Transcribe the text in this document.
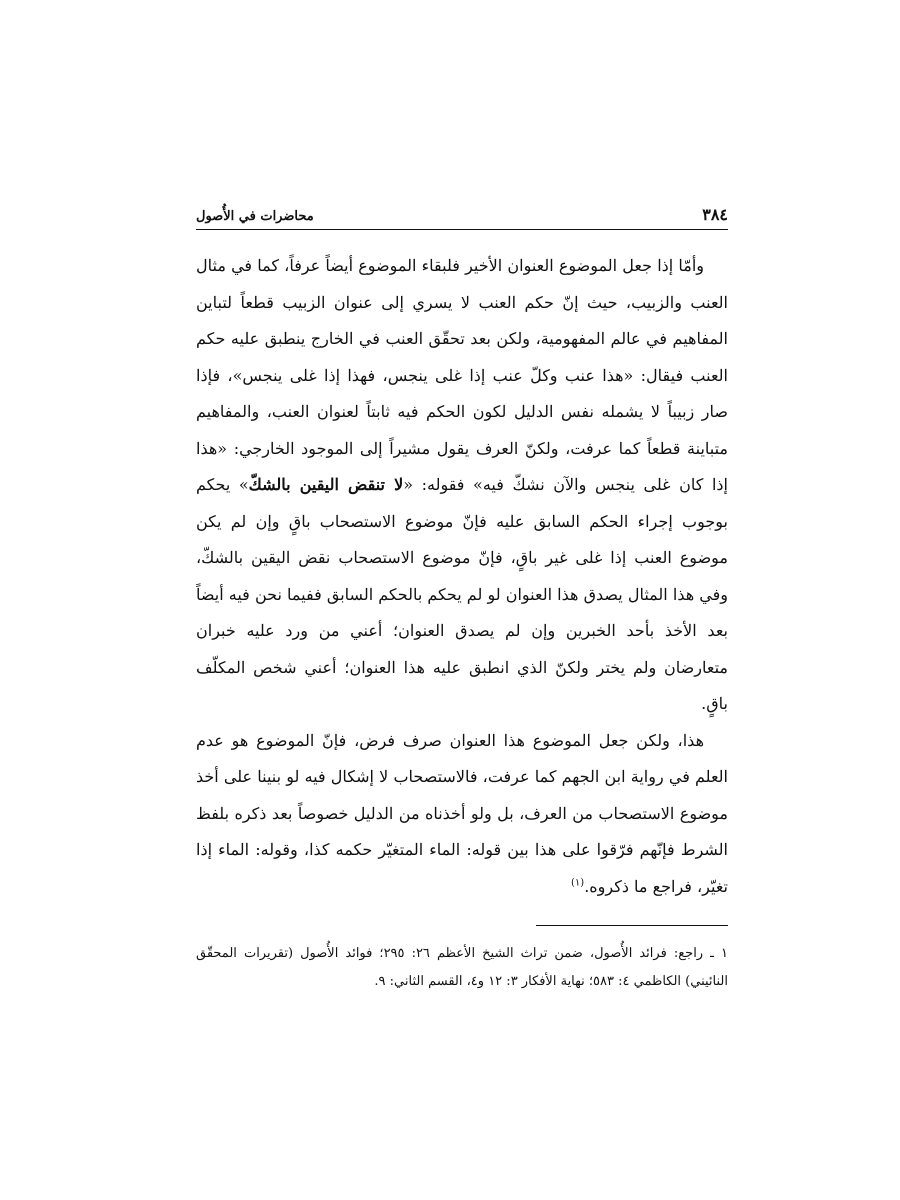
٣٨٤
محاضرات في الأُصول

وأمّا إذا جعل الموضوع العنوان الأخير فلبقاء الموضوع أيضاً عرفاً، كما في مثال العنب والزبيب، حيث إنّ حكم العنب لا يسري إلى عنوان الزبيب قطعاً لتباين المفاهيم في عالم المفهومية، ولكن بعد تحقّق العنب في الخارج ينطبق عليه حكم العنب فيقال: «هذا عنب وكلّ عنب إذا غلى ينجس، فهذا إذا غلى ينجس»، فإذا صار زبيباً لا يشمله نفس الدليل لكون الحكم فيه ثابتاً لعنوان العنب، والمفاهيم متباينة قطعاً كما عرفت، ولكنّ العرف يقول مشيراً إلى الموجود الخارجي: «هذا إذا كان غلى ينجس والآن نشكّ فيه» فقوله: «لا تنقض اليقين بالشكّ» يحكم بوجوب إجراء الحكم السابق عليه فإنّ موضوع الاستصحاب باقٍ وإن لم يكن موضوع العنب إذا غلى غير باقٍ، فإنّ موضوع الاستصحاب نقض اليقين بالشكّ، وفي هذا المثال يصدق هذا العنوان لو لم يحكم بالحكم السابق ففيما نحن فيه أيضاً بعد الأخذ بأحد الخبرين وإن لم يصدق العنوان؛ أعني من ورد عليه خبران متعارضان ولم يختر ولكنّ الذي انطبق عليه هذا العنوان؛ أعني شخص المكلّف باقٍ.

هذا، ولكن جعل الموضوع هذا العنوان صرف فرض، فإنّ الموضوع هو عدم العلم في رواية ابن الجهم كما عرفت، فالاستصحاب لا إشكال فيه لو بنينا على أخذ موضوع الاستصحاب من العرف، بل ولو أخذناه من الدليل خصوصاً بعد ذكره بلفظ الشرط فإنّهم فرّقوا على هذا بين قوله: الماء المتغيّر حكمه كذا، وقوله: الماء إذا تغيّر، فراجع ما ذكروه.$^{(١)}$

١ ـ راجع: فرائد الأُصول، ضمن تراث الشيخ الأعظم ٢٦: ٢٩٥؛ فوائد الأُصول (تقريرات المحقّق النائيني) الكاظمي ٤: ٥٨٣؛ نهاية الأفكار ٣: ١٢ و٤، القسم الثاني: ٩.
